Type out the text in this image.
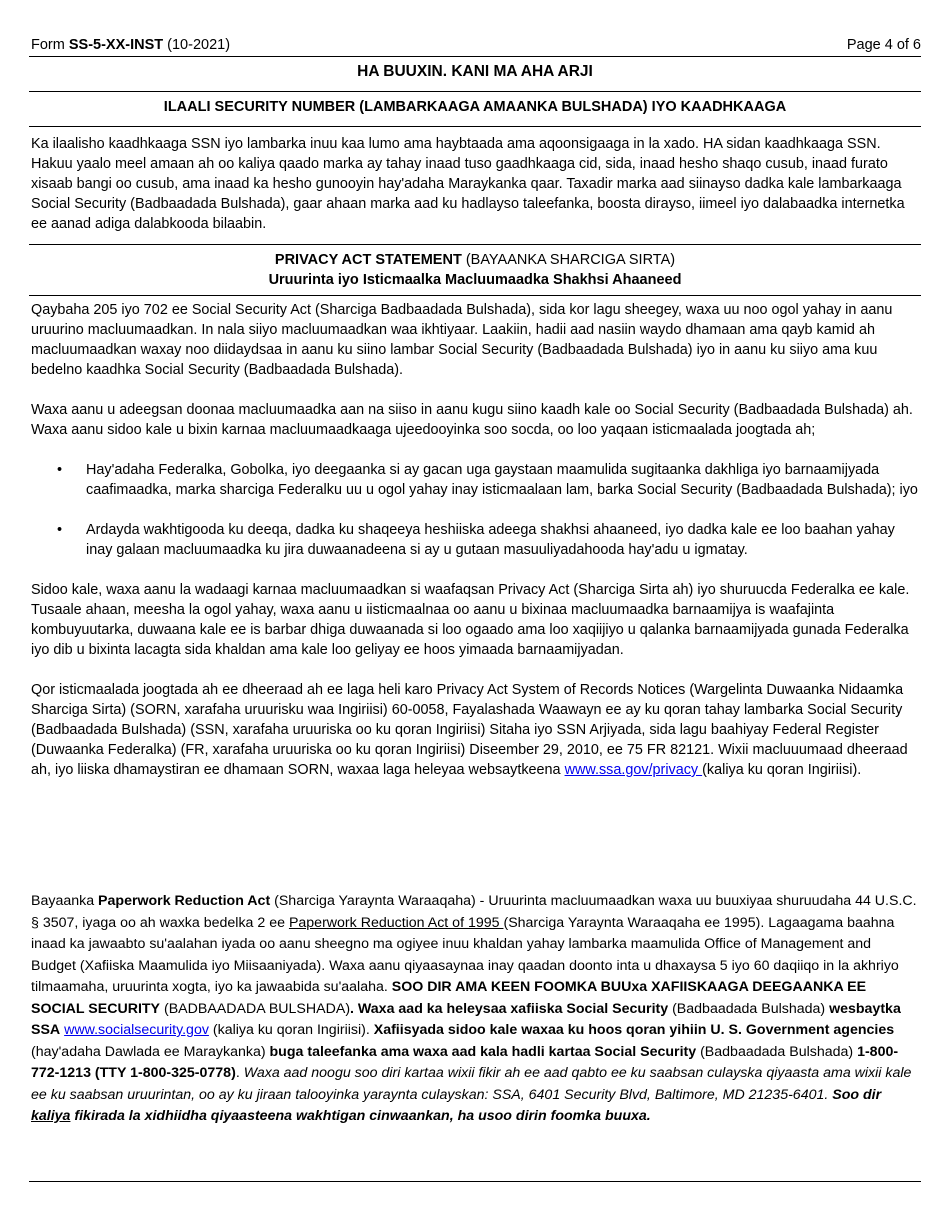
Form SS-5-XX-INST (10-2021)	Page 4 of 6
HA BUUXIN. KANI MA AHA ARJI
ILAALI SECURITY NUMBER (LAMBARKAAGA AMAANKA BULSHADA) IYO KAADHKAAGA

Ka ilaalisho kaadhkaaga SSN iyo lambarka inuu kaa lumo ama haybtaada ama aqoonsigaaga in la xado. HA sidan kaadhkaaga SSN. Hakuu yaalo meel amaan ah oo kaliya qaado marka ay tahay inaad tuso gaadhkaaga cid, sida, inaad hesho shaqo cusub, inaad furato xisaab bangi oo cusub, ama inaad ka hesho gunooyin hay'adaha Maraykanka qaar. Taxadir marka aad siinayso dadka kale lambarkaaga Social Security (Badbaadada Bulshada), gaar ahaan marka aad ku hadlayso taleefanka, boosta dirayso, iimeel iyo dalabaadka internetka ee aanad adiga dalabkooda bilaabin.

PRIVACY ACT STATEMENT (BAYAANKA SHARCIGA SIRTA)
Uruurinta iyo Isticmaalka Macluumaadka Shakhsi Ahaaneed

Qaybaha 205 iyo 702 ee Social Security Act (Sharciga Badbaadada Bulshada), sida kor lagu sheegey, waxa uu noo ogol yahay in aanu uruurino macluumaadkan. In nala siiyo macluumaadkan waa ikhtiyaar. Laakiin, hadii aad nasiin waydo dhamaan ama qayb kamid ah macluumaadkan waxay noo diidaydsaa in aanu ku siino lambar Social Security (Badbaadada Bulshada) iyo in aanu ku siiyo ama kuu bedelno kaadhka Social Security (Badbaadada Bulshada).

Waxa aanu u adeegsan doonaa macluumaadka aan na siiso in aanu kugu siino kaadh kale oo Social Security (Badbaadada Bulshada) ah. Waxa aanu sidoo kale u bixin karnaa macluumaadkaaga ujeedooyinka soo socda, oo loo yaqaan isticmaalada joogtada ah;

• Hay'adaha Federalka, Gobolka, iyo deegaanka si ay gacan uga gaystaan maamulida sugitaanka dakhliga iyo barnaamijyada caafimaadka, marka sharciga Federalku uu u ogol yahay inay isticmaalaan lam, barka Social Security (Badbaadada Bulshada); iyo
• Ardayda wakhtigooda ku deeqa, dadka ku shaqeeya heshiiska adeega shakhsi ahaaneed, iyo dadka kale ee loo baahan yahay inay galaan macluumaadka ku jira duwaanadeena si ay u gutaan masuuliyadahooda hay'adu u igmatay.

Sidoo kale, waxa aanu la wadaagi karnaa macluumaadkan si waafaqsan Privacy Act (Sharciga Sirta ah) iyo shuruucda Federalka ee kale. Tusaale ahaan, meesha la ogol yahay, waxa aanu u iisticmaalnaa oo aanu u bixinaa macluumaadka barnaamijya is waafajinta kombuyuutarka, duwaana kale ee is barbar dhiga duwaanada si loo ogaado ama loo xaqiijiyo u qalanka barnaamijyada gunada Federalka iyo dib u bixinta lacagta sida khaldan ama kale loo geliyay ee hoos yimaada barnaamijyadan.

Qor isticmaalada joogtada ah ee dheeraad ah ee laga heli karo Privacy Act System of Records Notices (Wargelinta Duwaanka Nidaamka Sharciga Sirta) (SORN, xarafaha uruurisku waa Ingiriisi) 60-0058, Fayalashada Waawayn ee ay ku qoran tahay lambarka Social Security (Badbaadada Bulshada) (SSN, xarafaha uruuriska oo ku qoran Ingiriisi) Sitaha iyo SSN Arjiyada, sida lagu baahiyay Federal Register (Duwaanka Federalka) (FR, xarafaha uruuriska oo ku qoran Ingiriisi) Diseember 29, 2010, ee 75 FR 82121. Wixii macluuumaad dheeraad ah, iyo liiska dhamaystiran ee dhamaan SORN, waxaa laga heleyaa websaytkeena www.ssa.gov/privacy (kaliya ku qoran Ingiriisi).

Bayaanka Paperwork Reduction Act (Sharciga Yaraynta Waraaqaha) - Uruurinta macluumaadkan waxa uu buuxiyaa shuruudaha 44 U.S.C. § 3507, iyaga oo ah waxka bedelka 2 ee Paperwork Reduction Act of 1995 (Sharciga Yaraynta Waraaqaha ee 1995). Lagaagama baahna inaad ka jawaabto su'aalahan iyada oo aanu sheegno ma ogiyee inuu khaldan yahay lambarka maamulida Office of Management and Budget (Xafiiska Maamulida iyo Miisaaniyada). Waxa aanu qiyaasaynaa inay qaadan doonto inta u dhaxaysa 5 iyo 60 daqiiqo in la akhriyo tilmaamaha, uruurinta xogta, iyo ka jawaabida su'aalaha. SOO DIR AMA KEEN FOOMKA BUUxa XAFIISKAAGA DEEGAANKA EE SOCIAL SECURITY (BADBAADADA BULSHADA). Waxa aad ka heleysaa xafiiska Social Security (Badbaadada Bulshada) wesbaytka SSA www.socialsecurity.gov (kaliya ku qoran Ingiriisi). Xafiisyada sidoo kale waxaa ku hoos qoran yihiin U. S. Government agencies (hay'adaha Dawlada ee Maraykanka) buga taleefanka ama waxa aad kala hadli kartaa Social Security (Badbaadada Bulshada) 1-800-772-1213 (TTY 1-800-325-0778). Waxa aad noogu soo diri kartaa wixii fikir ah ee aad qabto ee ku saabsan culayska qiyaasta ama wixii kale ee ku saabsan uruurintan, oo ay ku jiraan talooyinka yaraynta culayskan: SSA, 6401 Security Blvd, Baltimore, MD 21235-6401. Soo dir kaliya fikirada la xidhiidha qiyaasteena wakhtigan cinwaankan, ha usoo dirin foomka buuxa.
